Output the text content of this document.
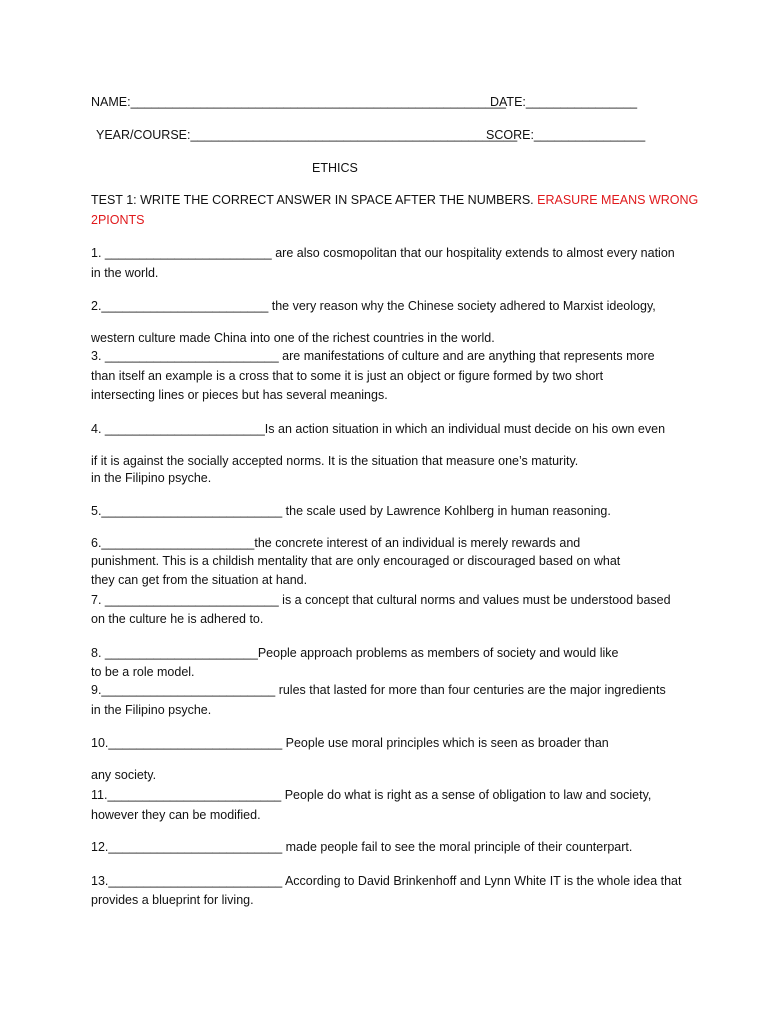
NAME:______________________________________________________
DATE:________________
YEAR/COURSE:_______________________________________________
SCORE:________________
ETHICS
TEST 1: WRITE THE CORRECT ANSWER IN SPACE AFTER THE NUMBERS. ERASURE MEANS WRONG
2PIONTS
1. ________________________ are also cosmopolitan that our hospitality extends to almost every nation
in the world.
2.________________________ the very reason why the Chinese society adhered to Marxist ideology,
western culture made China into one of the richest countries in the world.
3. _________________________ are manifestations of culture and are anything that represents more
than itself an example is a cross that to some it is just an object or figure formed by two short
intersecting lines or pieces but has several meanings.
4. _______________________Is an action situation in which an individual must decide on his own even
if it is against the socially accepted norms. It is the situation that measure one’s maturity.
in the Filipino psyche.
5.__________________________ the scale used by Lawrence Kohlberg in human reasoning.
6.______________________the concrete interest of an individual is merely rewards and
punishment. This is a childish mentality that are only encouraged or discouraged based on what
they can get from the situation at hand.
7. _________________________ is a concept that cultural norms and values must be understood based
on the culture he is adhered to.
8. ______________________People approach problems as members of society and would like
to be a role model.
9._________________________ rules that lasted for more than four centuries are the major ingredients
in the Filipino psyche.
10._________________________ People use moral principles which is seen as broader than
any society.
11._________________________ People do what is right as a sense of obligation to law and society,
however they can be modified.
12._________________________ made people fail to see the moral principle of their counterpart.
13._________________________ According to David Brinkenhoff and Lynn White IT is the whole idea that
provides a blueprint for living.
